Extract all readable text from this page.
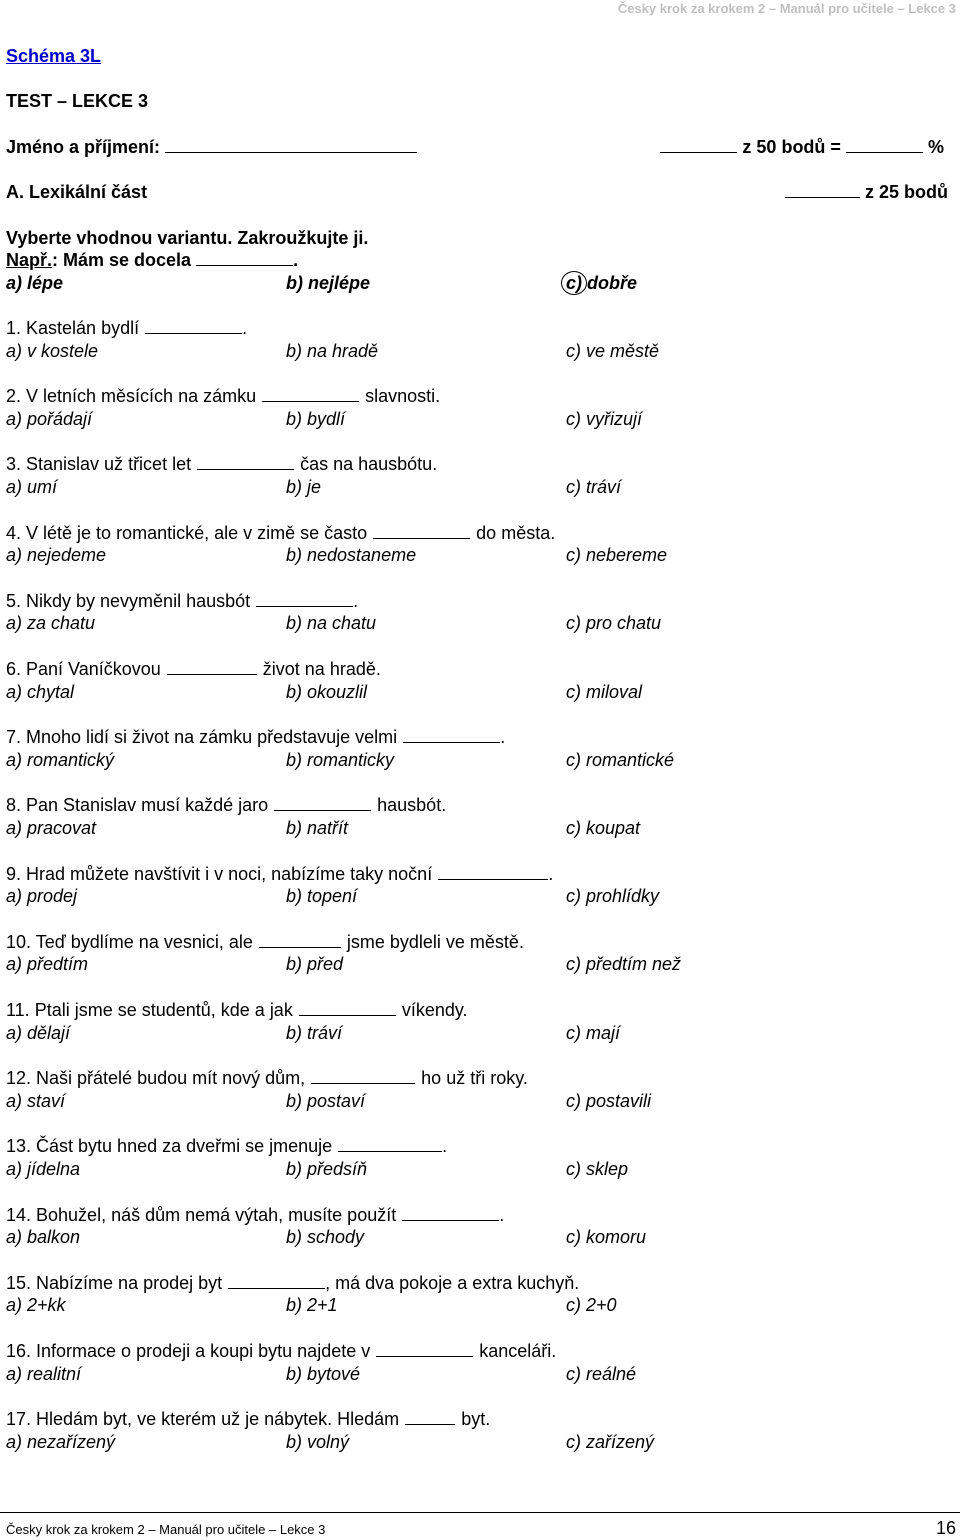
Česky krok za krokem 2 – Manuál pro učitele – Lekce 3
Schéma 3L
TEST – LEKCE 3
Jméno a příjmení:	z 50 bodů =	%
A. Lexikální část	z 25 bodů
Vyberte vhodnou variantu. Zakroužkujte ji.
Např.: Mám se docela	.
a) lépe	b) nejlépe	c) dobře
1. Kastelán bydlí	.
a) v kostele	b) na hradě	c) ve městě
2. V letních měsících na zámku	slavnosti.
a) pořádají	b) bydlí	c) vyřizují
3. Stanislav už třicet let	čas na hausbótu.
a) umí	b) je	c) tráví
4. V létě je to romantické, ale v zimě se často	do města.
a) nejedeme	b) nedostaneme	c) nebereme
5. Nikdy by nevyměnil hausbót	.
a) za chatu	b) na chatu	c) pro chatu
6. Paní Vaníčkovou	život na hradě.
a) chytal	b) okouzlil	c) miloval
7. Mnoho lidí si život na zámku představuje velmi	.
a) romantický	b) romanticky	c) romantické
8. Pan Stanislav musí každé jaro	hausbót.
a) pracovat	b) natřít	c) koupat
9. Hrad můžete navštívit i v noci, nabízíme taky noční	.
a) prodej	b) topení	c) prohlídky
10. Teď bydlíme na vesnici, ale	jsme bydleli ve městě.
a) předtím	b) před	c) předtím než
11. Ptali jsme se studentů, kde a jak	víkendy.
a) dělají	b) tráví	c) mají
12. Naši přátelé budou mít nový dům,	ho už tři roky.
a) staví	b) postaví	c) postavili
13. Část bytu hned za dveřmi se jmenuje	.
a) jídelna	b) předsíň	c) sklep
14. Bohužel, náš dům nemá výtah, musíte použít	.
a) balkon	b) schody	c) komoru
15. Nabízíme na prodej byt	, má dva pokoje a extra kuchyň.
a) 2+kk	b) 2+1	c) 2+0
16. Informace o prodeji a koupi bytu najdete v	kanceláři.
a) realitní	b) bytové	c) reálné
17. Hledám byt, ve kterém už je nábytek. Hledám	byt.
a) nezařízený	b) volný	c) zařízený
Česky krok za krokem 2 – Manuál pro učitele – Lekce 3	16
